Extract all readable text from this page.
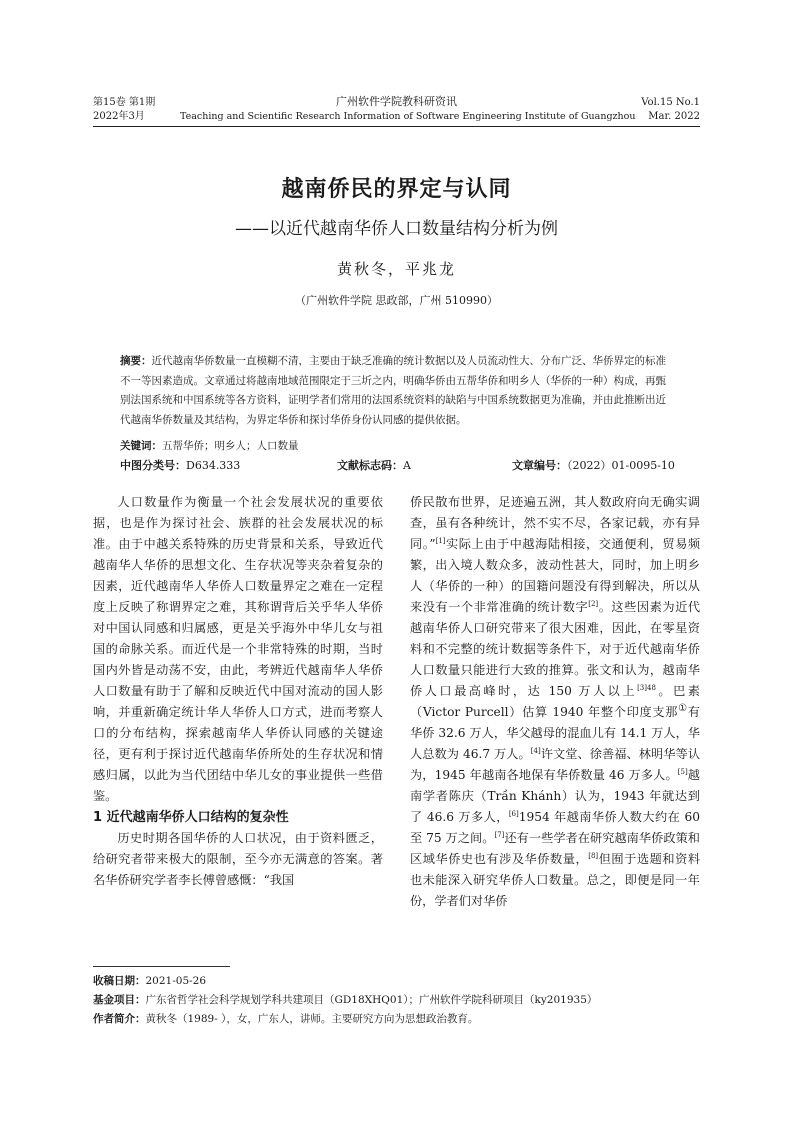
第15卷 第1期
2022年3月
广州软件学院教科研资讯
Teaching and Scientific Research Information of Software Engineering Institute of Guangzhou
Vol.15 No.1
Mar. 2022
越南侨民的界定与认同
——以近代越南华侨人口数量结构分析为例
黄秋冬，平兆龙
（广州软件学院 思政部，广州 510990）
摘要：近代越南华侨数量一直模糊不清，主要由于缺乏准确的统计数据以及人员流动性大、分布广泛、华侨界定的标准不一等因素造成。文章通过将越南地域范围限定于三圻之内，明确华侨由五帮华侨和明乡人（华侨的一种）构成，再甄别法国系统和中国系统等各方资料，证明学者们常用的法国系统资料的缺陷与中国系统数据更为准确，并由此推断出近代越南华侨数量及其结构，为界定华侨和探讨华侨身份认同感的提供依据。
关键词：五帮华侨；明乡人；人口数量
中图分类号：D634.333	文献标志码：A	文章编号：（2022）01-0095-10

人口数量作为衡量一个社会发展状况的重要依据，也是作为探讨社会、族群的社会发展状况的标准。由于中越关系特殊的历史背景和关系，导致近代越南华人华侨的思想文化、生存状况等夹杂着复杂的因素，近代越南华人华侨人口数量界定之难在一定程度上反映了称谓界定之难，其称谓背后关乎华人华侨对中国认同感和归属感，更是关乎海外中华儿女与祖国的命脉关系。而近代是一个非常特殊的时期，当时国内外皆是动荡不安，由此，考辨近代越南华人华侨人口数量有助于了解和反映近代中国对流动的国人影响，并重新确定统计华人华侨人口方式，进而考察人口的分布结构，探索越南华人华侨认同感的关键途径，更有利于探讨近代越南华侨所处的生存状况和情感归属，以此为当代团结中华儿女的事业提供一些借鉴。

1 近代越南华侨人口结构的复杂性

历史时期各国华侨的人口状况，由于资料匮乏，给研究者带来极大的限制，至今亦无满意的答案。著名华侨研究学者李长傅曾感慨：“我国

侨民散布世界，足迹遍五洲，其人数政府向无确实调查，虽有各种统计，然不实不尽，各家记载，亦有异同。”[1]实际上由于中越海陆相接，交通便利，贸易频繁，出入境人数众多，波动性甚大，同时，加上明乡人（华侨的一种）的国籍问题没有得到解决，所以从来没有一个非常准确的统计数字[2]。这些因素为近代越南华侨人口研究带来了很大困难，因此，在零星资料和不完整的统计数据等条件下，对于近代越南华侨人口数量只能进行大致的推算。张文和认为，越南华侨人口最高峰时，达 150 万人以上$^{[3]48}$。巴素（Victor Purcell）估算 1940 年整个印度支那①有华侨 32.6 万人，华父越母的混血儿有 14.1 万人，华人总数为 46.7 万人。[4]许文堂、徐善福、林明华等认为，1945 年越南各地保有华侨数量 46 万多人。[5]越南学者陈庆（Trần Khánh）认为，1943 年就达到了 46.6 万多人，[6]1954 年越南华侨人数大约在 60 至 75 万之间。[7]还有一些学者在研究越南华侨政策和区域华侨史也有涉及华侨数量，[8]但囿于选题和资料也未能深入研究华侨人口数量。总之，即便是同一年份，学者们对华侨

收稿日期：2021-05-26
基金项目：广东省哲学社会科学规划学科共建项目（GD18XHQ01）；广州软件学院科研项目（ky201935）
作者简介：黄秋冬（1989- ），女，广东人，讲师。主要研究方向为思想政治教育。
